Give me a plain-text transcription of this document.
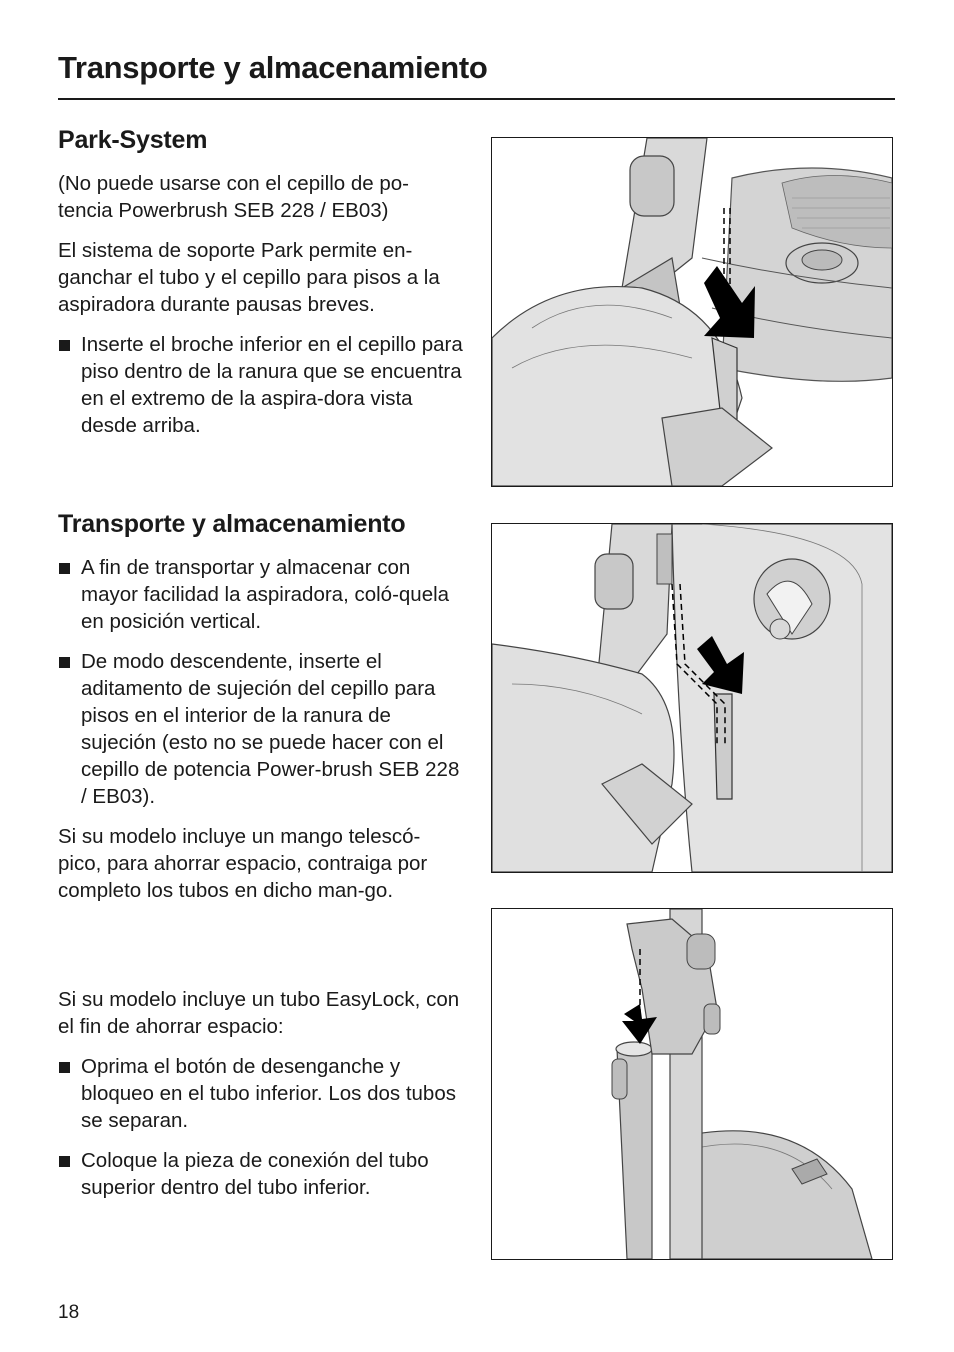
Transporte y almacenamiento
Park-System

(No puede usarse con el cepillo de po-tencia Powerbrush SEB 228 / EB03)

El sistema de soporte Park permite en-ganchar el tubo y el cepillo para pisos a la aspiradora durante pausas breves.

Inserte el broche inferior en el cepillo para piso dentro de la ranura que se encuentra en el extremo de la aspira-dora vista desde arriba.
Transporte y almacenamiento
A fin de transportar y almacenar con mayor facilidad la aspiradora, coló-quela en posición vertical.
De modo descendente, inserte el aditamento de sujeción del cepillo para pisos en el interior de la ranura de sujeción (esto no se puede hacer con el cepillo de potencia Power-brush SEB 228 / EB03).

Si su modelo incluye un mango telescó-pico, para ahorrar espacio, contraiga por completo los tubos en dicho man-go.

Si su modelo incluye un tubo EasyLock, con el fin de ahorrar espacio:

Oprima el botón de desenganche y bloqueo en el tubo inferior. Los dos tubos se separan.
Coloque la pieza de conexión del tubo superior dentro del tubo inferior.
18
